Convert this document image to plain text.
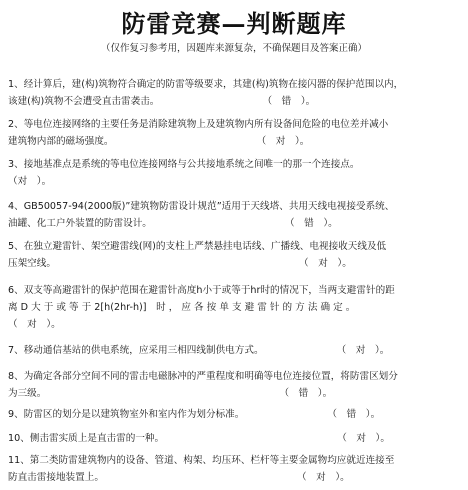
防雷竞赛—判断题库
（仅作复习参考用，因题库来源复杂，不确保题目及答案正确）
1、经计算后，建(构)筑物符合确定的防雷等级要求，其建(构)筑物在接闪器的保护范围以内，
该建(构)筑物不会遭受直击雷袭击。	（　错　）。
2、等电位连接网络的主要任务是消除建筑物上及建筑物内所有设备间危险的电位差并减小
建筑物内部的磁场强度。	（　对　）。
3、接地基准点是系统的等电位连接网络与公共接地系统之间唯一的那一个连接点。
（对　）。
4、GB50057-94(2000版)”建筑物防雷设计规范”适用于天线塔、共用天线电视接受系统、
油罐、化工户外装置的防雷设计。	（　错　）。
5、在独立避雷针、架空避雷线(网)的支柱上严禁悬挂电话线、广播线、电视接收天线及低
压架空线。	（　对　）。
6、双支等高避雷针的保护范围在避雷针高度h小于或等于hr时的情况下，当两支避雷针的距
离 D 大 于 或 等 于 2[h(2hr-h)]　时 ， 应 各 按 单 支 避 雷 针 的 方 法 确 定 。
（　对　）。
7、移动通信基站的供电系统，应采用三相四线制供电方式。	（　对　）。
8、为确定各部分空间不同的雷击电磁脉冲的严重程度和明确等电位连接位置，将防雷区划分
为三级。	（　错　）。
9、防雷区的划分是以建筑物室外和室内作为划分标准。	（　错　）。
10、侧击雷实质上是直击雷的一种。	（　对　）。
11、第二类防雷建筑物内的设备、管道、构架、均压环、栏杆等主要金属物均应就近连接至
防直击雷接地装置上。	（　对　）。
